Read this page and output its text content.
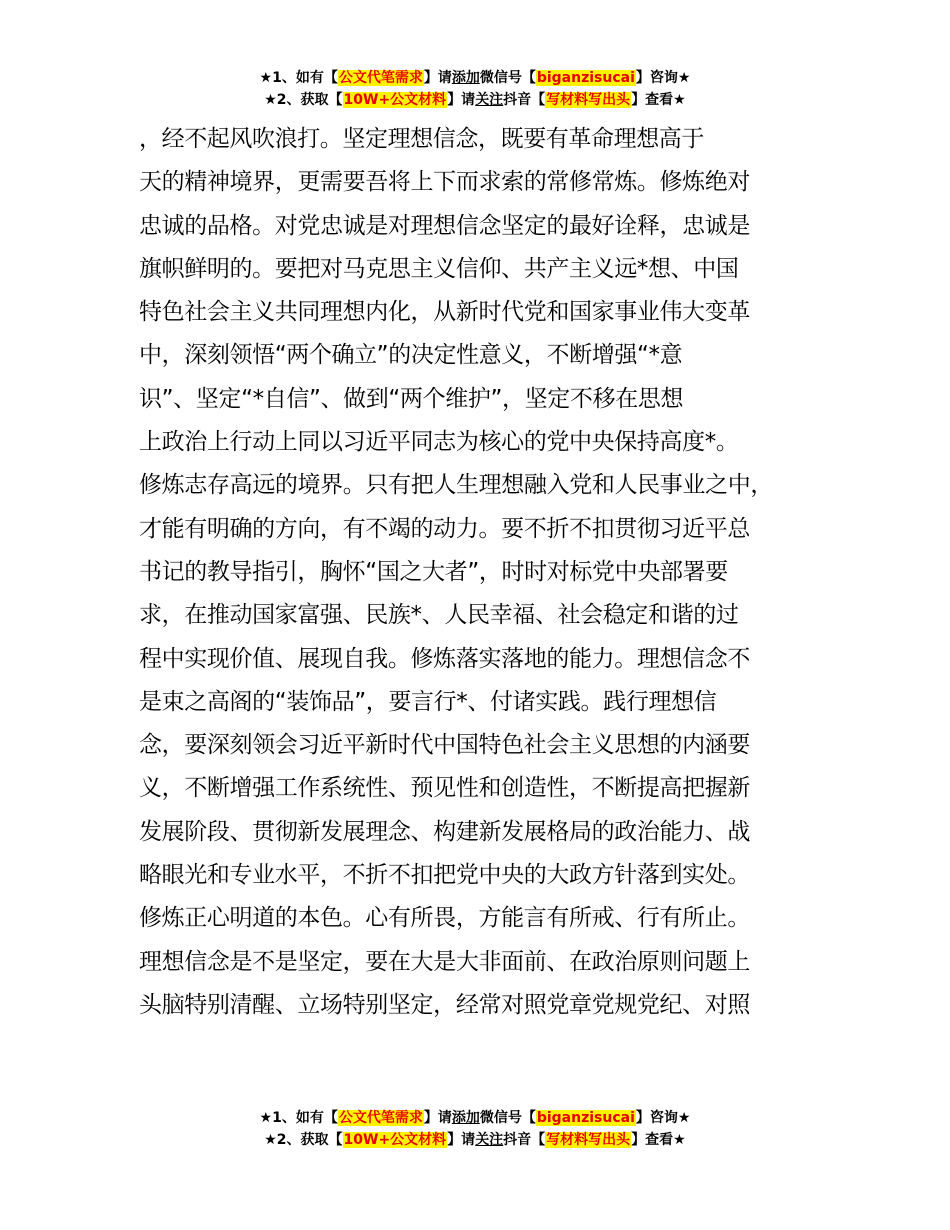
★1、如有【公文代笔需求】请添加微信号【biganzisucai】咨询★
★2、获取【10W+公文材料】请关注抖音【写材料写出头】查看★
，经不起风吹浪打。坚定理想信念，既要有革命理想高于
天的精神境界，更需要吾将上下而求索的常修常炼。修炼绝对
忠诚的品格。对党忠诚是对理想信念坚定的最好诠释，忠诚是
旗帜鲜明的。要把对马克思主义信仰、共产主义远*想、中国
特色社会主义共同理想内化，从新时代党和国家事业伟大变革
中，深刻领悟“两个确立”的决定性意义，不断增强“*意
识”、坚定“*自信”、做到“两个维护”，坚定不移在思想
上政治上行动上同以习近平同志为核心的党中央保持高度*。
修炼志存高远的境界。只有把人生理想融入党和人民事业之中，
才能有明确的方向，有不竭的动力。要不折不扣贯彻习近平总
书记的教导指引，胸怀“国之大者”，时时对标党中央部署要
求，在推动国家富强、民族*、人民幸福、社会稳定和谐的过
程中实现价值、展现自我。修炼落实落地的能力。理想信念不
是束之高阁的“装饰品”，要言行*、付诸实践。践行理想信
念，要深刻领会习近平新时代中国特色社会主义思想的内涵要
义，不断增强工作系统性、预见性和创造性，不断提高把握新
发展阶段、贯彻新发展理念、构建新发展格局的政治能力、战
略眼光和专业水平，不折不扣把党中央的大政方针落到实处。
修炼正心明道的本色。心有所畏，方能言有所戒、行有所止。
理想信念是不是坚定，要在大是大非面前、在政治原则问题上
头脑特别清醒、立场特别坚定，经常对照党章党规党纪、对照
★1、如有【公文代笔需求】请添加微信号【biganzisucai】咨询★
★2、获取【10W+公文材料】请关注抖音【写材料写出头】查看★
